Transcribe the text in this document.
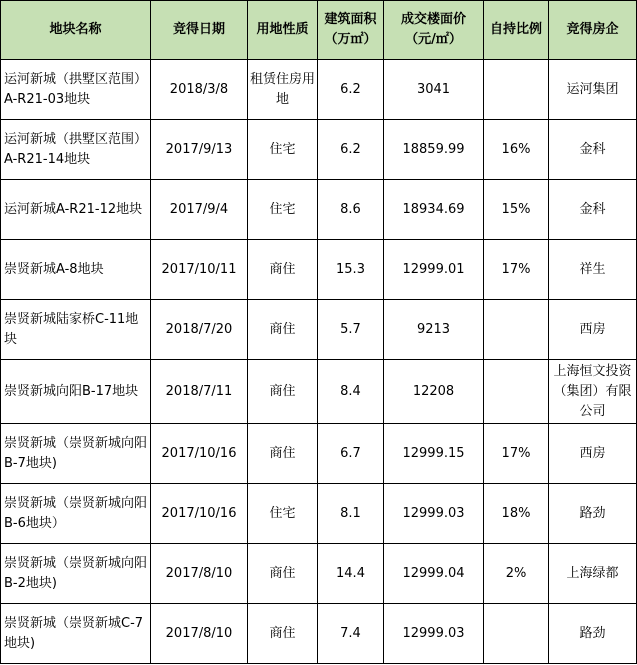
地块名称	竞得日期	用地性质	建筑面积（万㎡）	成交楼面价（元/㎡）	自持比例	竞得房企
运河新城（拱墅区范围）A-R21-03地块	2018/3/8	租赁住房用地	6.2	3041		运河集团
运河新城（拱墅区范围）A-R21-14地块	2017/9/13	住宅	6.2	18859.99	16%	金科
运河新城A-R21-12地块	2017/9/4	住宅	8.6	18934.69	15%	金科
崇贤新城A-8地块	2017/10/11	商住	15.3	12999.01	17%	祥生
崇贤新城陆家桥C-11地块	2018/7/20	商住	5.7	9213		西房
崇贤新城向阳B-17地块	2018/7/11	商住	8.4	12208		上海恒文投资（集团）有限公司
崇贤新城（崇贤新城向阳B-7地块)	2017/10/16	商住	6.7	12999.15	17%	西房
崇贤新城（崇贤新城向阳B-6地块）	2017/10/16	住宅	8.1	12999.03	18%	路劲
崇贤新城（崇贤新城向阳B-2地块)	2017/8/10	商住	14.4	12999.04	2%	上海绿都
崇贤新城（崇贤新城C-7地块)	2017/8/10	商住	7.4	12999.03		路劲
